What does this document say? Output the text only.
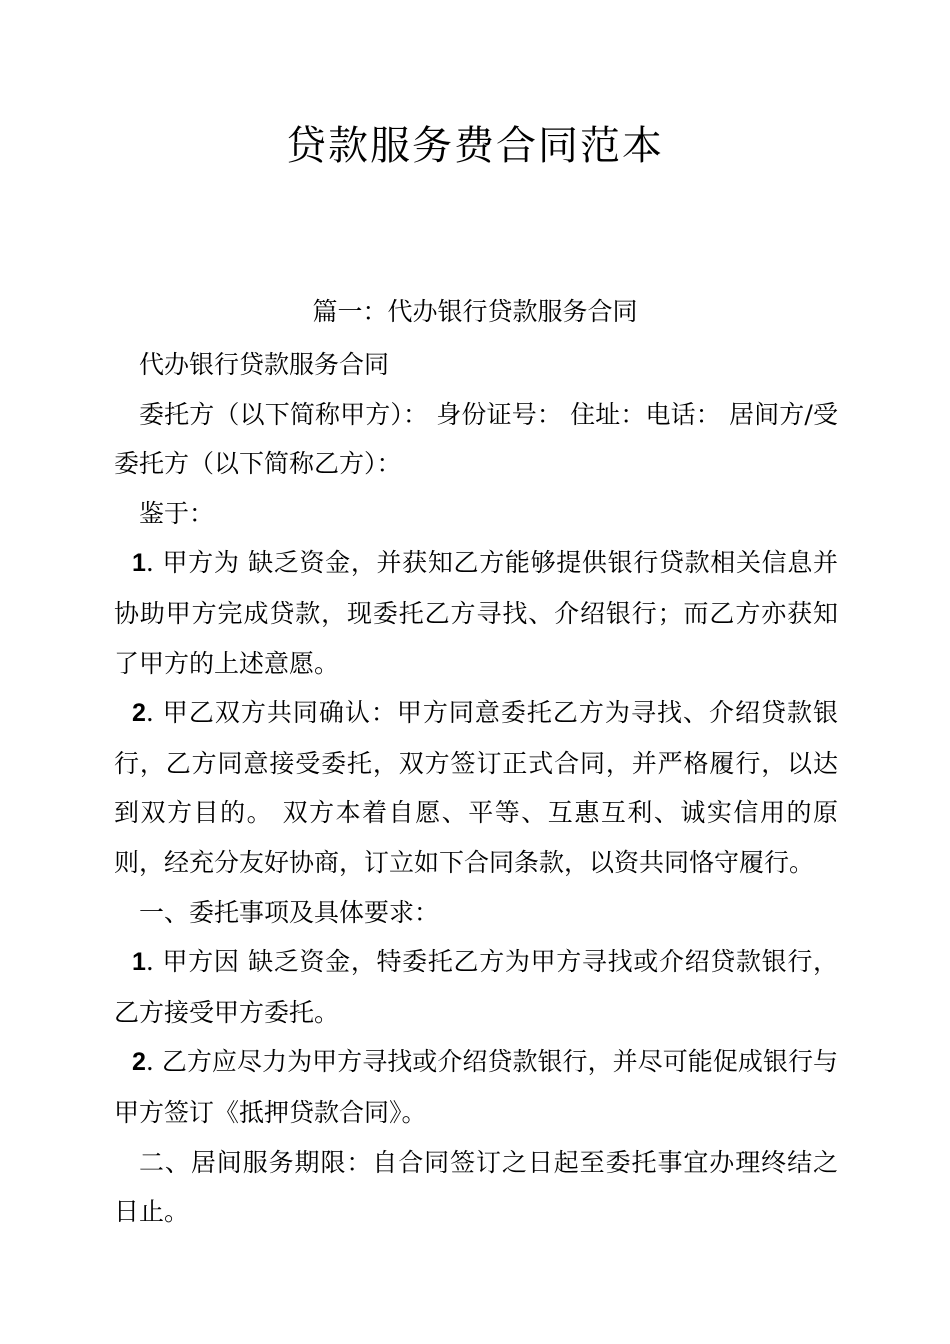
贷款服务费合同范本
篇一：代办银行贷款服务合同

代办银行贷款服务合同

委托方（以下简称甲方）： 身份证号： 住址：电话： 居间方/受委托方（以下简称乙方）：

鉴于：

1. 甲方为 缺乏资金，并获知乙方能够提供银行贷款相关信息并协助甲方完成贷款，现委托乙方寻找、介绍银行；而乙方亦获知了甲方的上述意愿。

2. 甲乙双方共同确认：甲方同意委托乙方为寻找、介绍贷款银行，乙方同意接受委托，双方签订正式合同，并严格履行，以达到双方目的。 双方本着自愿、平等、互惠互利、诚实信用的原则，经充分友好协商，订立如下合同条款，以资共同恪守履行。

一、委托事项及具体要求：

1. 甲方因 缺乏资金，特委托乙方为甲方寻找或介绍贷款银行，乙方接受甲方委托。

2. 乙方应尽力为甲方寻找或介绍贷款银行，并尽可能促成银行与甲方签订《抵押贷款合同》。

二、居间服务期限：自合同签订之日起至委托事宜办理终结之日止。
